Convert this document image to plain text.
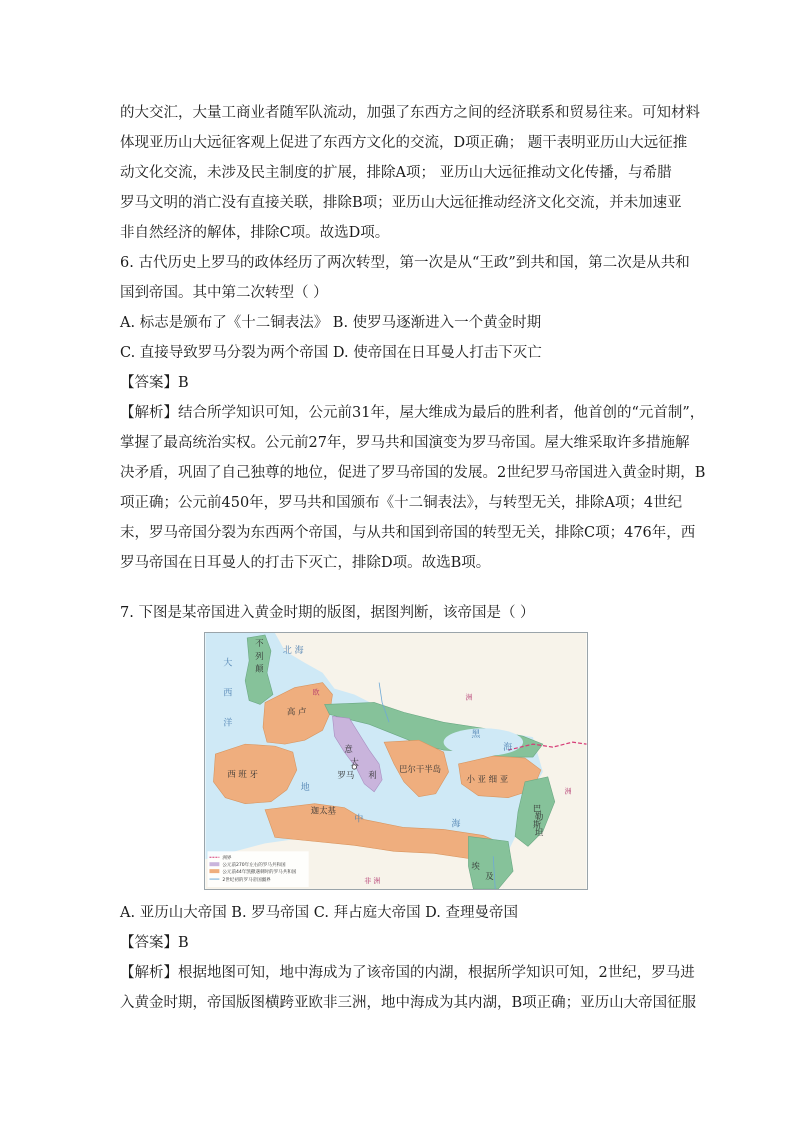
的大交汇，大量工商业者随军队流动，加强了东西方之间的经济联系和贸易往来。可知材料
体现亚历山大远征客观上促进了东西方文化的交流，D项正确； 题干表明亚历山大远征推
动文化交流，未涉及民主制度的扩展，排除A项； 亚历山大远征推动文化传播，与希腊
罗马文明的消亡没有直接关联，排除B项；亚历山大远征推动经济文化交流，并未加速亚
非自然经济的解体，排除C项。故选D项。
6. 古代历史上罗马的政体经历了两次转型，第一次是从“王政”到共和国，第二次是从共和
国到帝国。其中第二次转型（ ）
A. 标志是颁布了《十二铜表法》 B. 使罗马逐渐进入一个黄金时期
C. 直接导致罗马分裂为两个帝国 D. 使帝国在日耳曼人打击下灭亡
【答案】B
【解析】结合所学知识可知，公元前31年，屋大维成为最后的胜利者，他首创的“元首制”，
掌握了最高统治实权。公元前27年，罗马共和国演变为罗马帝国。屋大维采取许多措施解
决矛盾，巩固了自己独尊的地位，促进了罗马帝国的发展。2世纪罗马帝国进入黄金时期，B
项正确；公元前450年，罗马共和国颁布《十二铜表法》，与转型无关，排除A项；4世纪
末，罗马帝国分裂为东西两个帝国，与从共和国到帝国的转型无关，排除C项；476年，西
罗马帝国在日耳曼人的打击下灭亡，排除D项。故选B项。
7. 下图是某帝国进入黄金时期的版图，据图判断，该帝国是（ ）
大
西
洋
北 海
不
列
颠
欧
洲
高 卢
西 班 牙
意
大
利
罗马
迦太基
巴尔干半岛
小 亚 细 亚
黑
海
地
中	海
巴
勒
斯
坦
埃
及
非 洲
洲
洲界
公元前270年左右的罗马共和国
公元前44年凯撒遇刺时的罗马共和国
2世纪初的罗马帝国疆界
A. 亚历山大帝国 B. 罗马帝国 C. 拜占庭大帝国 D. 查理曼帝国
【答案】B
【解析】根据地图可知，地中海成为了该帝国的内湖，根据所学知识可知，2世纪，罗马进
入黄金时期，帝国版图横跨亚欧非三洲，地中海成为其内湖，B项正确；亚历山大帝国征服
